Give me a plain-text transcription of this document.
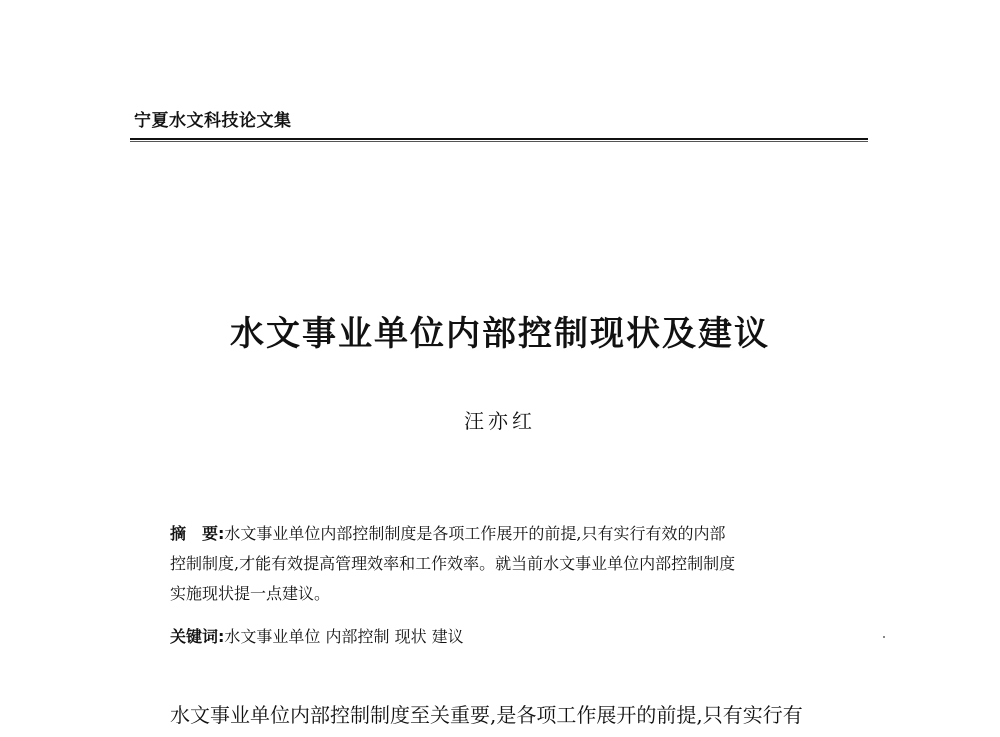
宁夏水文科技论文集
水文事业单位内部控制现状及建议
汪亦红
摘　要:水文事业单位内部控制制度是各项工作展开的前提,只有实行有效的内部
控制制度,才能有效提高管理效率和工作效率。就当前水文事业单位内部控制制度
实施现状提一点建议。
关键词:水文事业单位 内部控制 现状 建议
水文事业单位内部控制制度至关重要,是各项工作展开的前提,只有实行有
